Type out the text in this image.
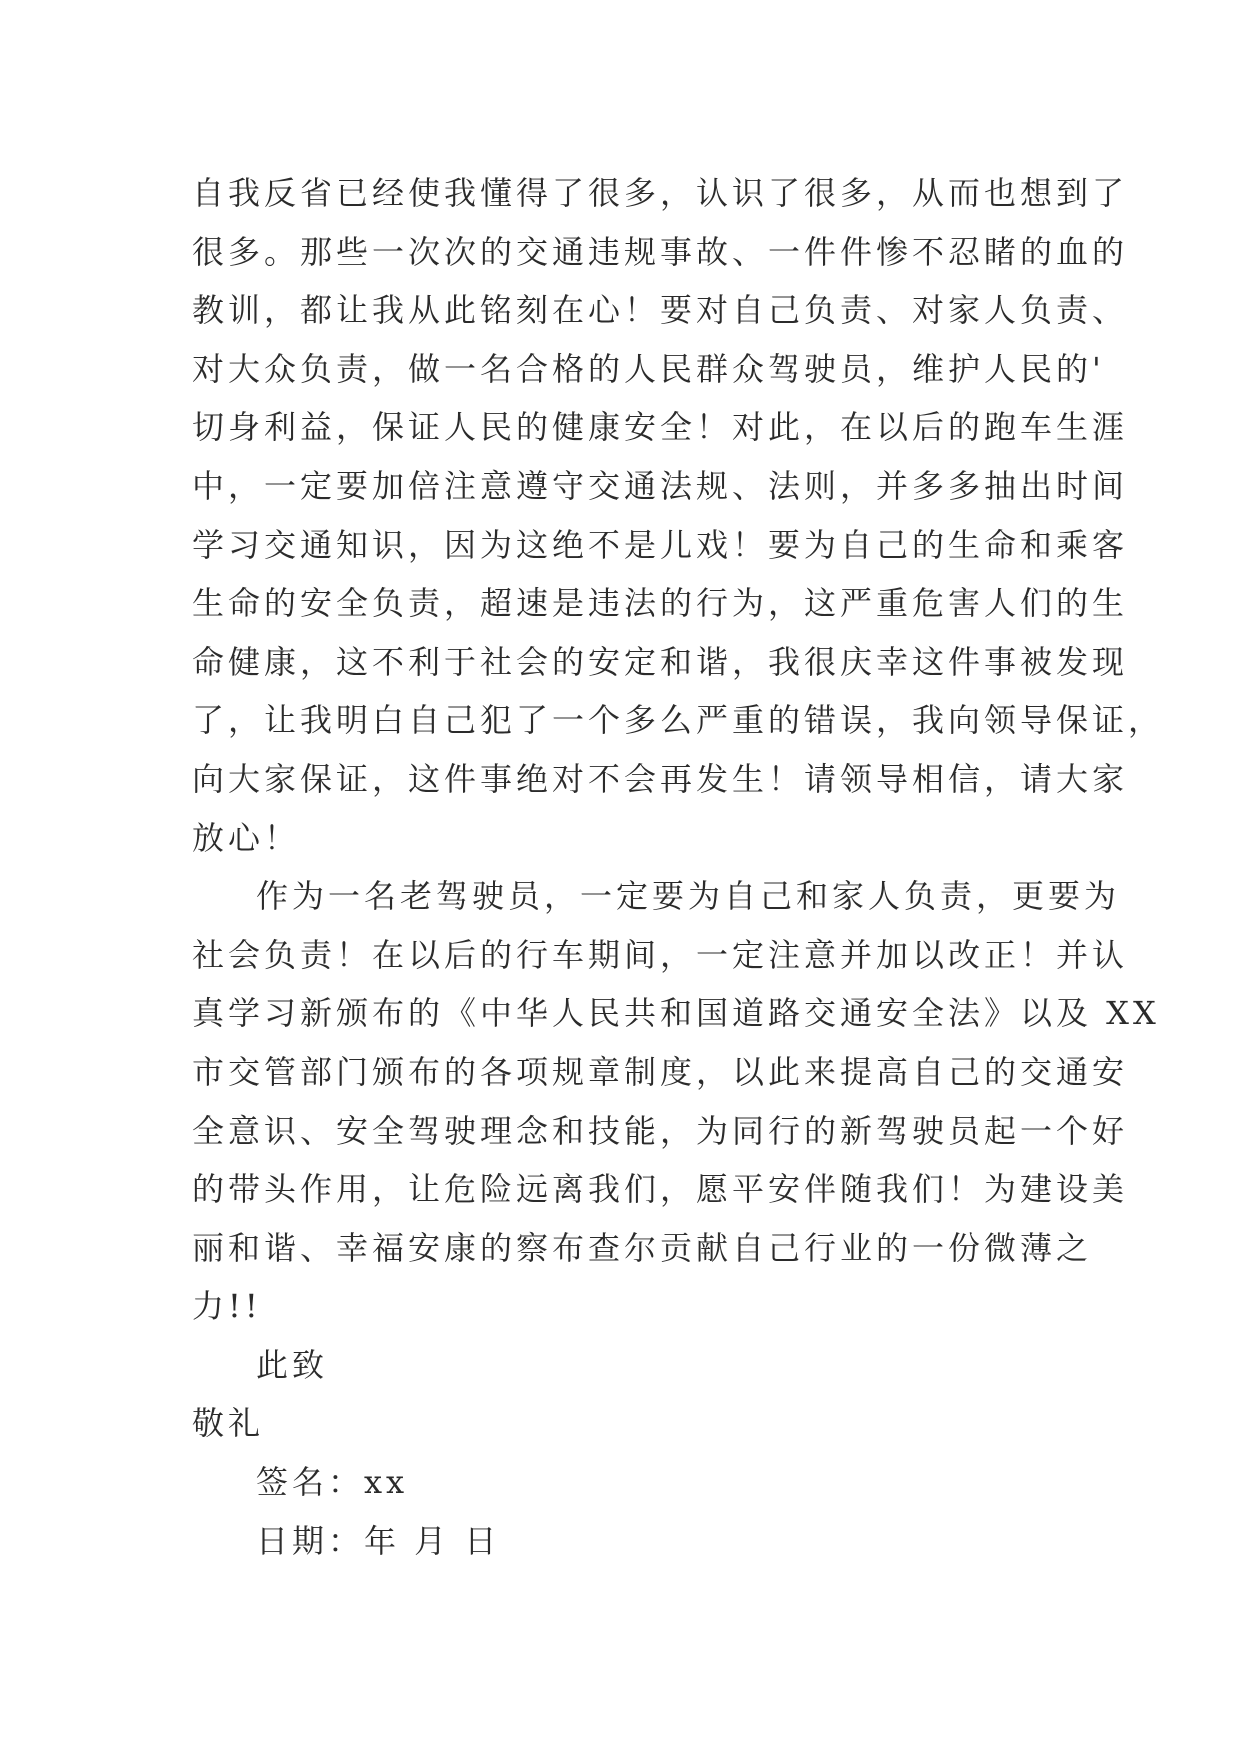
自我反省已经使我懂得了很多，认识了很多，从而也想到了
很多。那些一次次的交通违规事故、一件件惨不忍睹的血的
教训，都让我从此铭刻在心！要对自己负责、对家人负责、
对大众负责，做一名合格的人民群众驾驶员，维护人民的'
切身利益，保证人民的健康安全！对此，在以后的跑车生涯
中，一定要加倍注意遵守交通法规、法则，并多多抽出时间
学习交通知识，因为这绝不是儿戏！要为自己的生命和乘客
生命的安全负责，超速是违法的行为，这严重危害人们的生
命健康，这不利于社会的安定和谐，我很庆幸这件事被发现
了，让我明白自己犯了一个多么严重的错误，我向领导保证，
向大家保证，这件事绝对不会再发生！请领导相信，请大家
放心！
作为一名老驾驶员，一定要为自己和家人负责，更要为
社会负责！在以后的行车期间，一定注意并加以改正！并认
真学习新颁布的《中华人民共和国道路交通安全法》以及 XX
市交管部门颁布的各项规章制度，以此来提高自己的交通安
全意识、安全驾驶理念和技能，为同行的新驾驶员起一个好
的带头作用，让危险远离我们，愿平安伴随我们！为建设美
丽和谐、幸福安康的察布查尔贡献自己行业的一份微薄之
力!!
此致
敬礼
签名：xx
日期：年 月 日
